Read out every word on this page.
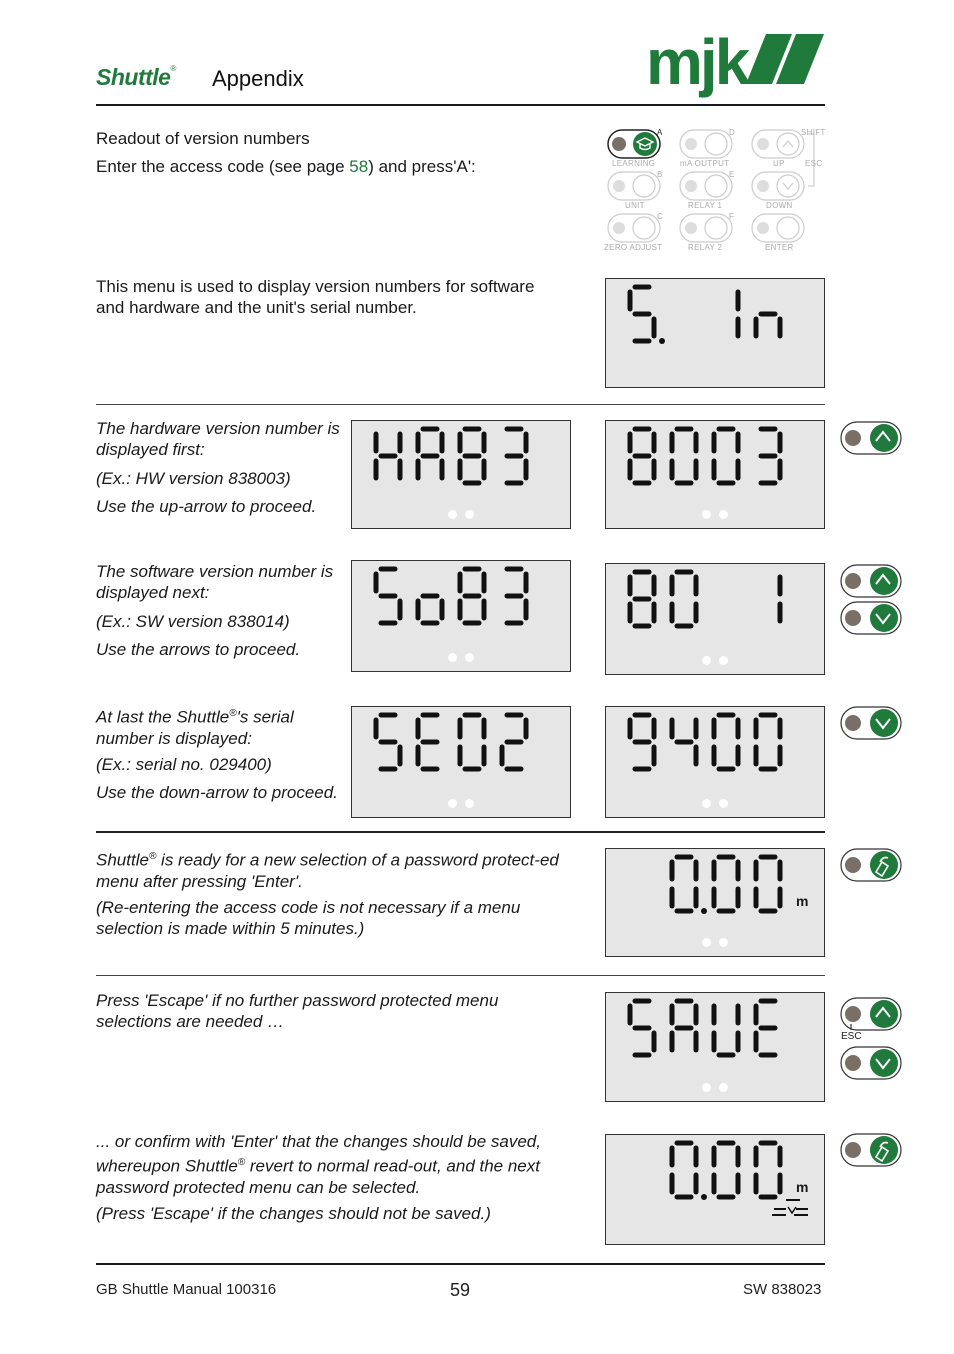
Shuttle® Appendix	mjk
Readout of version numbers
Enter the access code (see page 58) and press'A':	LEARNING	mA OUTPUT	UP	ESC
SHIFT
UNIT	RELAY 1	DOWN
ZERO ADJUST	RELAY 2	ENTER
A
B
C
D
E
F
This menu is used to display version numbers for software and hardware and the unit's serial number.
The hardware version number is displayed first:
(Ex.: HW version 838003)
Use the up-arrow to proceed.
The software version number is displayed next:
(Ex.: SW version 838014)
Use the arrows to proceed.
At last the Shuttle®'s serial number is displayed:
(Ex.: serial no. 029400)
Use the down-arrow to proceed.
Shuttle® is ready for a new selection of a password protect-ed menu after pressing 'Enter'.
(Re-entering the access code is not necessary if a menu selection is made within 5 minutes.)
m
Press 'Escape' if no further password protected menu selections are needed …
ESC
... or confirm with 'Enter' that the changes should be saved, whereupon Shuttle® revert to normal read-out, and the next password protected menu can be selected.
(Press 'Escape' if the changes should not be saved.)
m
GB Shuttle Manual 100316	59	SW 838023
